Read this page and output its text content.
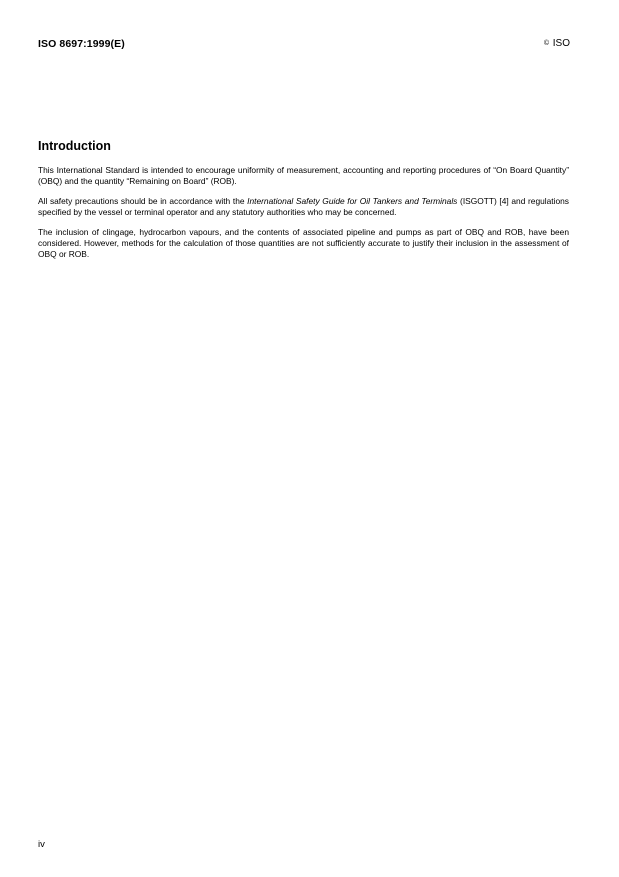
ISO 8697:1999(E)	© ISO
Introduction

This International Standard is intended to encourage uniformity of measurement, accounting and reporting procedures of “On Board Quantity” (OBQ) and the quantity “Remaining on Board” (ROB).

All safety precautions should be in accordance with the International Safety Guide for Oil Tankers and Terminals (ISGOTT) [4] and regulations specified by the vessel or terminal operator and any statutory authorities who may be concerned.

The inclusion of clingage, hydrocarbon vapours, and the contents of associated pipeline and pumps as part of OBQ and ROB, have been considered. However, methods for the calculation of those quantities are not sufficiently accurate to justify their inclusion in the assessment of OBQ or ROB.

iv
